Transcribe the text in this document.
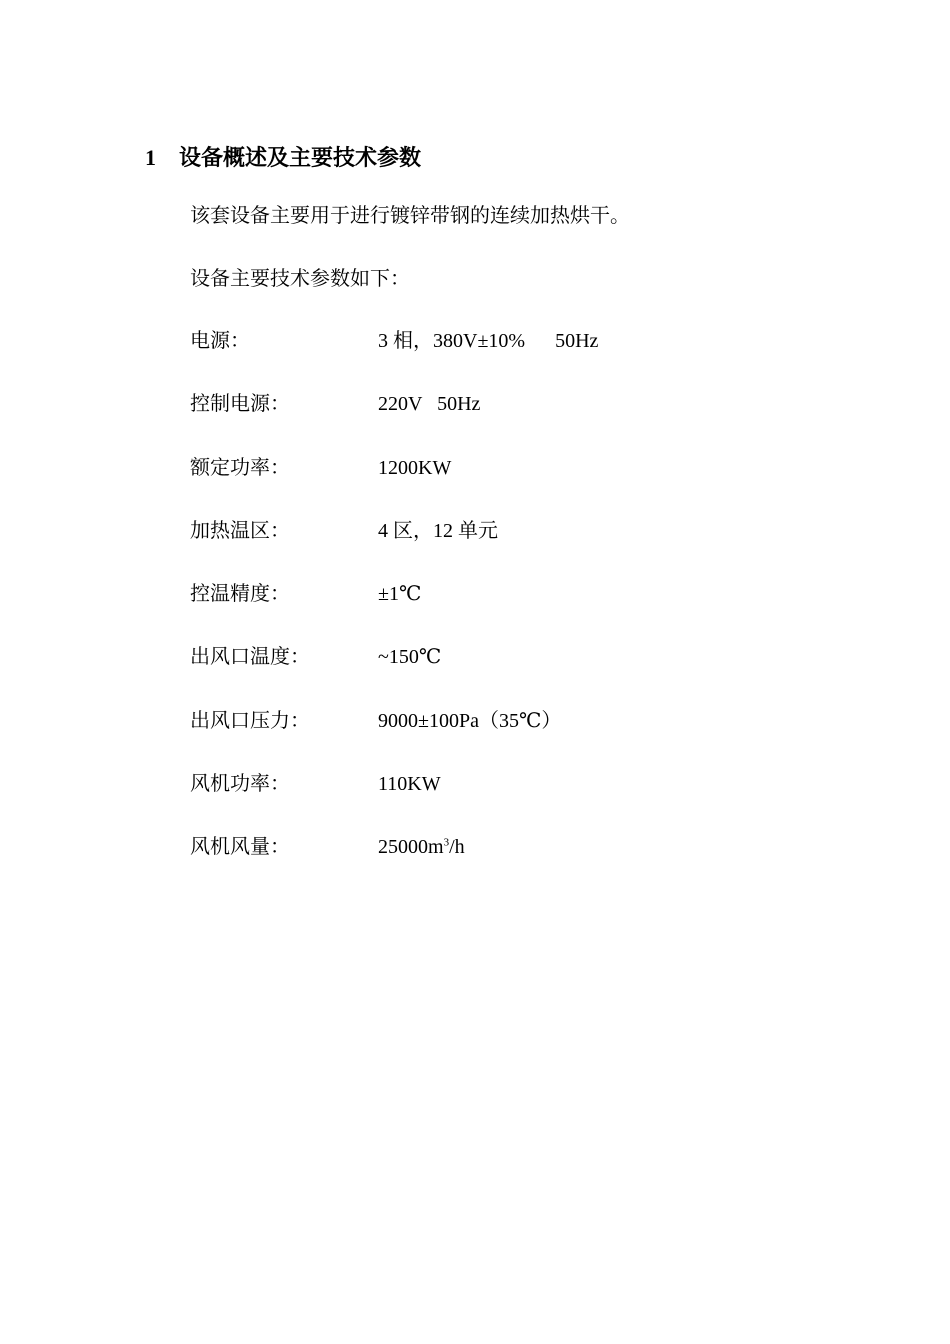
1 设备概述及主要技术参数
该套设备主要用于进行镀锌带钢的连续加热烘干。
设备主要技术参数如下：
电源：	3 相，380V±10%      50Hz
控制电源：	220V   50Hz
额定功率：	1200KW
加热温区：	4 区，12 单元
控温精度：	±1℃
出风口温度：	~150℃
出风口压力：	9000±100Pa（35℃）
风机功率：	110KW
风机风量：	$25000m^3/h$
